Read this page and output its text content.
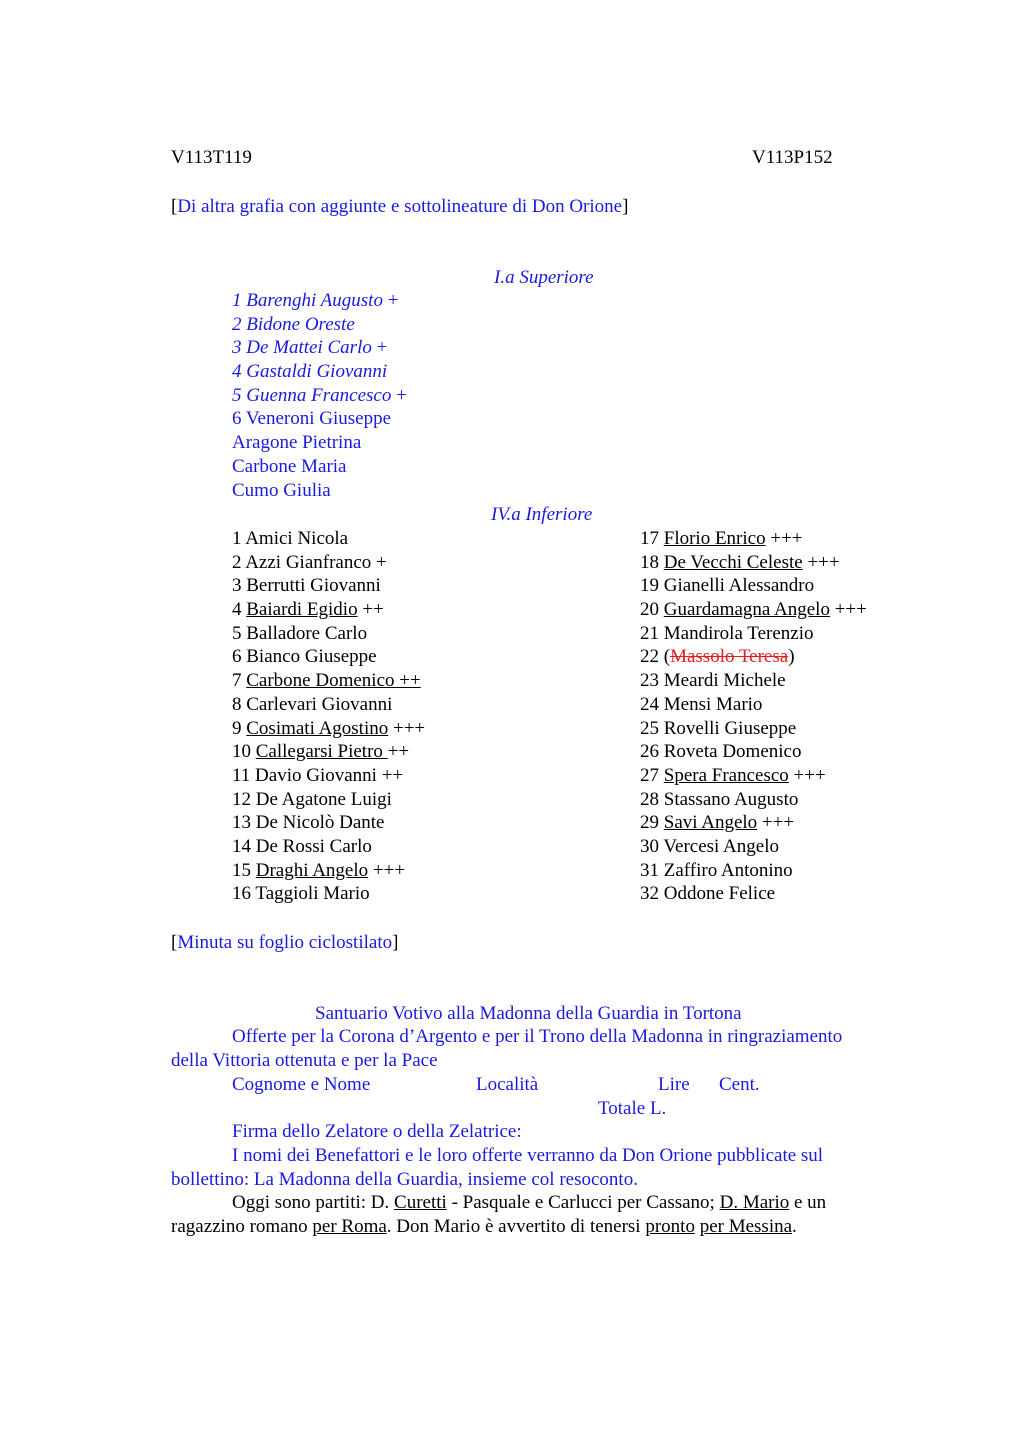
V113T119	V113P152
[Di altra grafia con aggiunte e sottolineature di Don Orione]
I.a Superiore
1 Barenghi Augusto +
2 Bidone Oreste
3 De Mattei Carlo +
4 Gastaldi Giovanni
5 Guenna Francesco +
6 Veneroni Giuseppe
Aragone Pietrina
Carbone Maria
Cumo Giulia
IV.a Inferiore
1 Amici Nicola
2 Azzi Gianfranco +
3 Berrutti Giovanni
4 Baiardi Egidio ++
5 Balladore Carlo
6 Bianco Giuseppe
7 Carbone Domenico ++
8 Carlevari Giovanni
9 Cosimati Agostino +++
10 Callegarsi Pietro ++
11 Davio Giovanni ++
12 De Agatone Luigi
13 De Nicolò Dante
14 De Rossi Carlo
15 Draghi Angelo +++
16 Taggioli Mario
17 Florio Enrico +++
18 De Vecchi Celeste +++
19 Gianelli Alessandro
20 Guardamagna Angelo +++
21 Mandirola Terenzio
22 (Massolo Teresa)
23 Meardi Michele
24 Mensi Mario
25 Rovelli Giuseppe
26 Roveta Domenico
27 Spera Francesco +++
28 Stassano Augusto
29 Savi Angelo +++
30 Vercesi Angelo
31 Zaffiro Antonino
32 Oddone Felice
[Minuta su foglio ciclostilato]
Santuario Votivo alla Madonna della Guardia in Tortona
Offerte per la Corona d’Argento e per il Trono della Madonna in ringraziamento
della Vittoria ottenuta e per la Pace
Cognome e Nome	Località	Lire Cent.
Totale L.
Firma dello Zelatore o della Zelatrice:
I nomi dei Benefattori e le loro offerte verranno da Don Orione pubblicate sul
bollettino: La Madonna della Guardia, insieme col resoconto.
Oggi sono partiti: D. Curetti - Pasquale e Carlucci per Cassano; D. Mario e un
ragazzino romano per Roma. Don Mario è avvertito di tenersi pronto per Messina.
